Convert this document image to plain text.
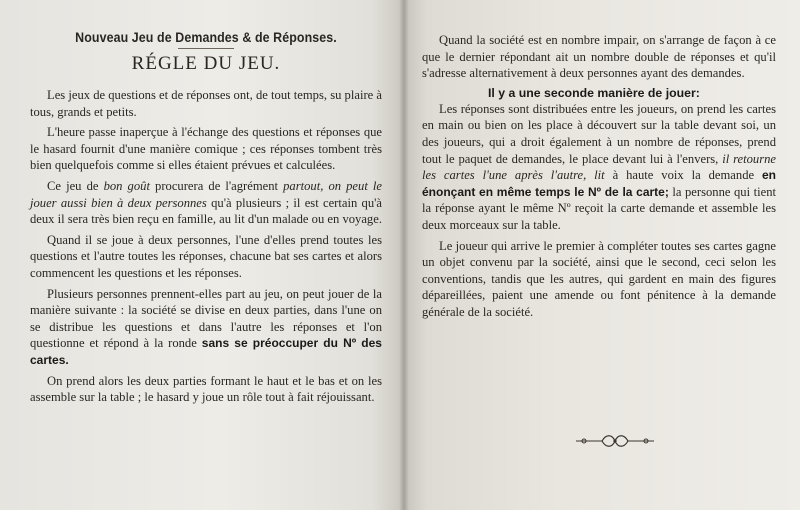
Nouveau Jeu de Demandes & de Réponses.
RÉGLE DU JEU.

Les jeux de questions et de réponses ont, de tout temps, su plaire à tous, grands et petits.

L'heure passe inaperçue à l'échange des questions et réponses que le hasard fournit d'une manière comique ; ces réponses tombent très bien quelquefois comme si elles étaient prévues et calculées.

Ce jeu de bon goût procurera de l'agrément partout, on peut le jouer aussi bien à deux personnes qu'à plusieurs ; il est certain qu'à deux il sera très bien reçu en famille, au lit d'un malade ou en voyage.

Quand il se joue à deux personnes, l'une d'elles prend toutes les questions et l'autre toutes les réponses, chacune bat ses cartes et alors commencent les questions et les réponses.

Plusieurs personnes prennent-elles part au jeu, on peut jouer de la manière suivante : la société se divise en deux parties, dans l'une on se distribue les questions et dans l'autre les réponses et l'on questionne et répond à la ronde sans se préoccuper du Nº des cartes.

On prend alors les deux parties formant le haut et le bas et on les assemble sur la table ; le hasard y joue un rôle tout à fait réjouissant.

Quand la société est en nombre impair, on s'arrange de façon à ce que le dernier répondant ait un nombre double de réponses et qu'il s'adresse alternativement à deux personnes ayant des demandes.

Il y a une seconde manière de jouer:

Les réponses sont distribuées entre les joueurs, on prend les cartes en main ou bien on les place à découvert sur la table devant soi, un des joueurs, qui a droit également à un nombre de réponses, prend tout le paquet de demandes, le place devant lui à l'envers, il retourne les cartes l'une après l'autre, lit à haute voix la demande en énonçant en même temps le Nº de la carte; la personne qui tient la réponse ayant le même Nº reçoit la carte demande et assemble les deux morceaux sur la table.

Le joueur qui arrive le premier à compléter toutes ses cartes gagne un objet convenu par la société, ainsi que le second, ceci selon les conventions, tandis que les autres, qui gardent en main des figures dépareillées, paient une amende ou font pénitence à la demande générale de la société.
